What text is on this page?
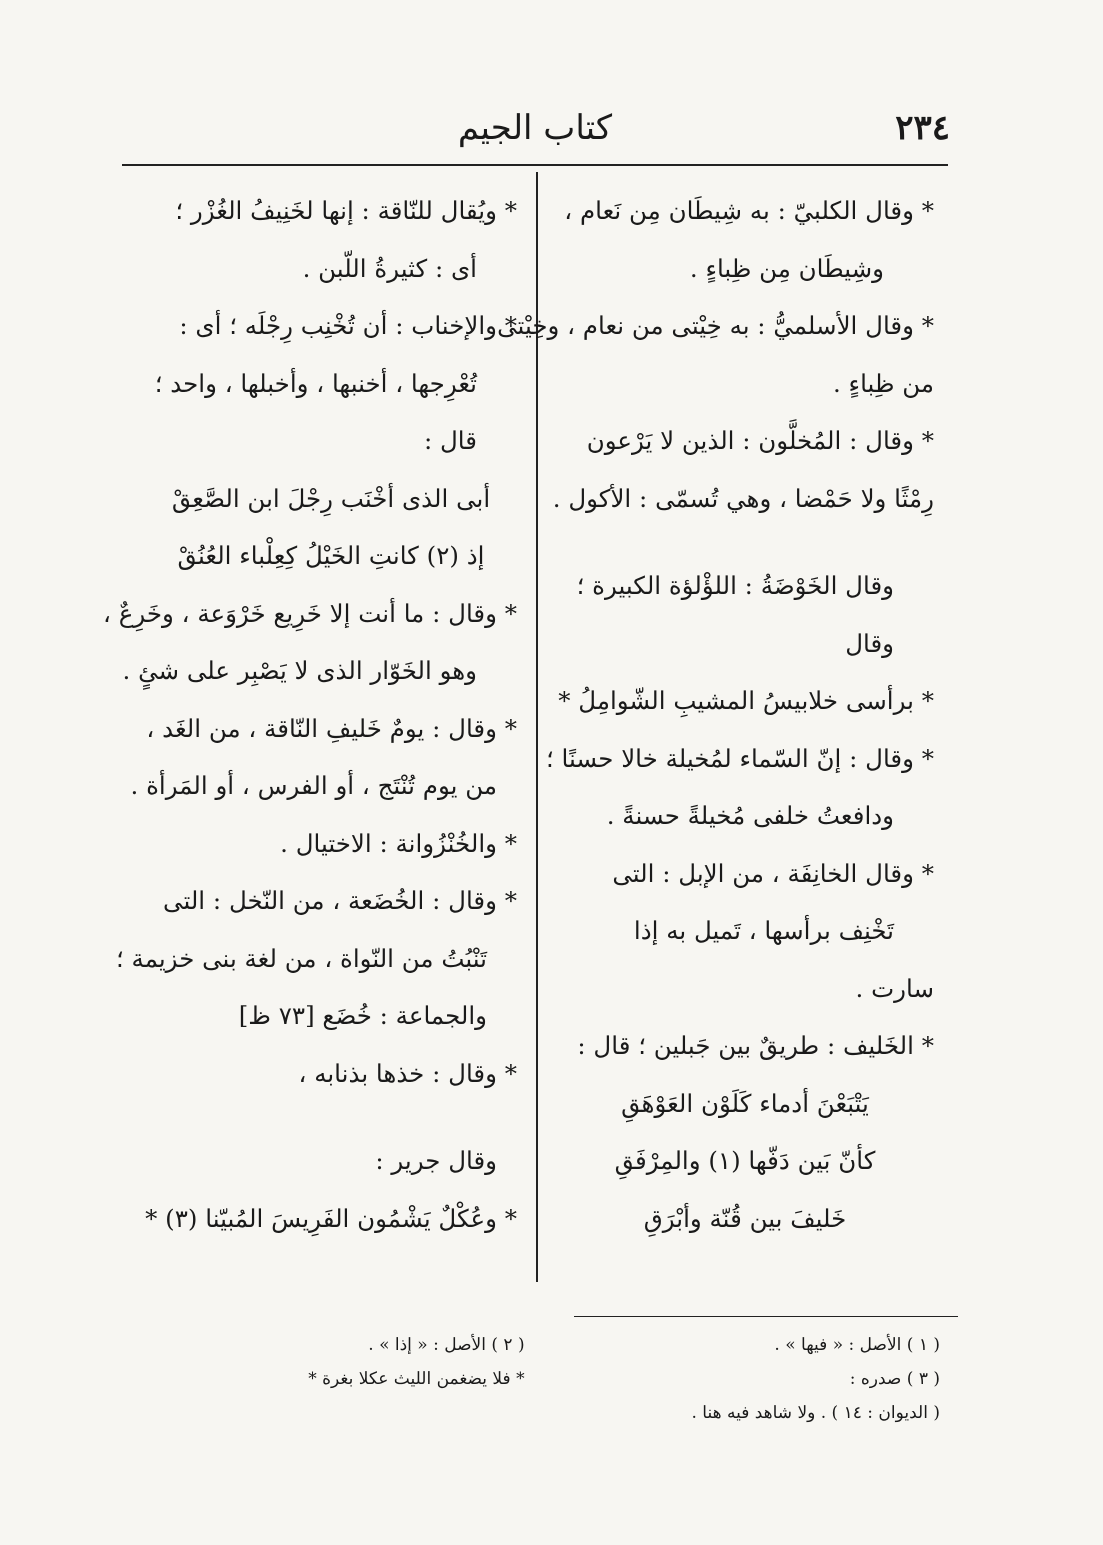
٢٣٤
كتاب الجيم
* وقال الكلبيّ : به شِيطَان مِن نَعام ،
وشِيطَان مِن ظِباءٍ .
* وقال الأسلميُّ : به خِيْتى من نعام ، وخِيْتى
من ظِباءٍ .
* وقال : المُخلَّون : الذين لا يَرْعون
رِمْثًا ولا حَمْضا ، وهي تُسمّى : الأكول .
وقال الخَوْضَةُ : اللؤْلؤة الكبيرة ؛
وقال
* برأسى خلابيسُ المشيبِ الشّوامِلُ *
* وقال : إنّ السّماء لمُخيلة خالا حسنًا ؛
ودافعتُ خلفى مُخيلةً حسنةً .
* وقال الخانِفَة ، من الإبل : التى
تَخْنِف برأسها ، تَميل به إذا
سارت .
* الخَليف : طريقٌ بين جَبلين ؛ قال :
يَتْبَعْنَ أدماء كَلَوْن العَوْهَقِ
كأنّ بَين دَفّها (١) والمِرْفَقِ
خَليفَ بين قُنّة وأبْرَقِ
* ويُقال للنّاقة : إنها لخَنِيفُ الغُزْر ؛
أى : كثيرةُ اللّبن .
* والإخناب : أن تُخْنِب رِجْلَه ؛ أى :
تُعْرِجها ، أخنبها ، وأخبلها ، واحد ؛
قال :
أبى الذى أخْنَب رِجْلَ ابن الصَّعِقْ
إذ (٢) كانتِ الخَيْلُ كِعِلْباء العُنُقْ
* وقال : ما أنت إلا خَرِيع خَرْوَعة ، وخَرِعٌ ،
وهو الخَوّار الذى لا يَصْبِر على شئٍ .
* وقال : يومٌ خَليفِ النّاقة ، من الغَد ،
من يوم تُنْتَج ، أو الفرس ، أو المَرأة .
* والخُنْزُوانة : الاختيال .
* وقال : الخُضَعة ، من النّخل : التى
تَنْبُتُ من النّواة ، من لغة بنى خزيمة ؛
والجماعة : خُضَع [٧٣ ظ]
* وقال : خذها بذنابه ،
وقال جرير :
* وعُكْلٌ يَشْمُون الفَرِيسَ المُبيّنا (٣) *
( ١ ) الأصل : « فيها » . ( ٢ ) الأصل : « إذا » .
( ٣ ) صدره : * فلا يضغمن الليث عكلا بغرة *
( الديوان : ١٤ ) . ولا شاهد فيه هنا .
